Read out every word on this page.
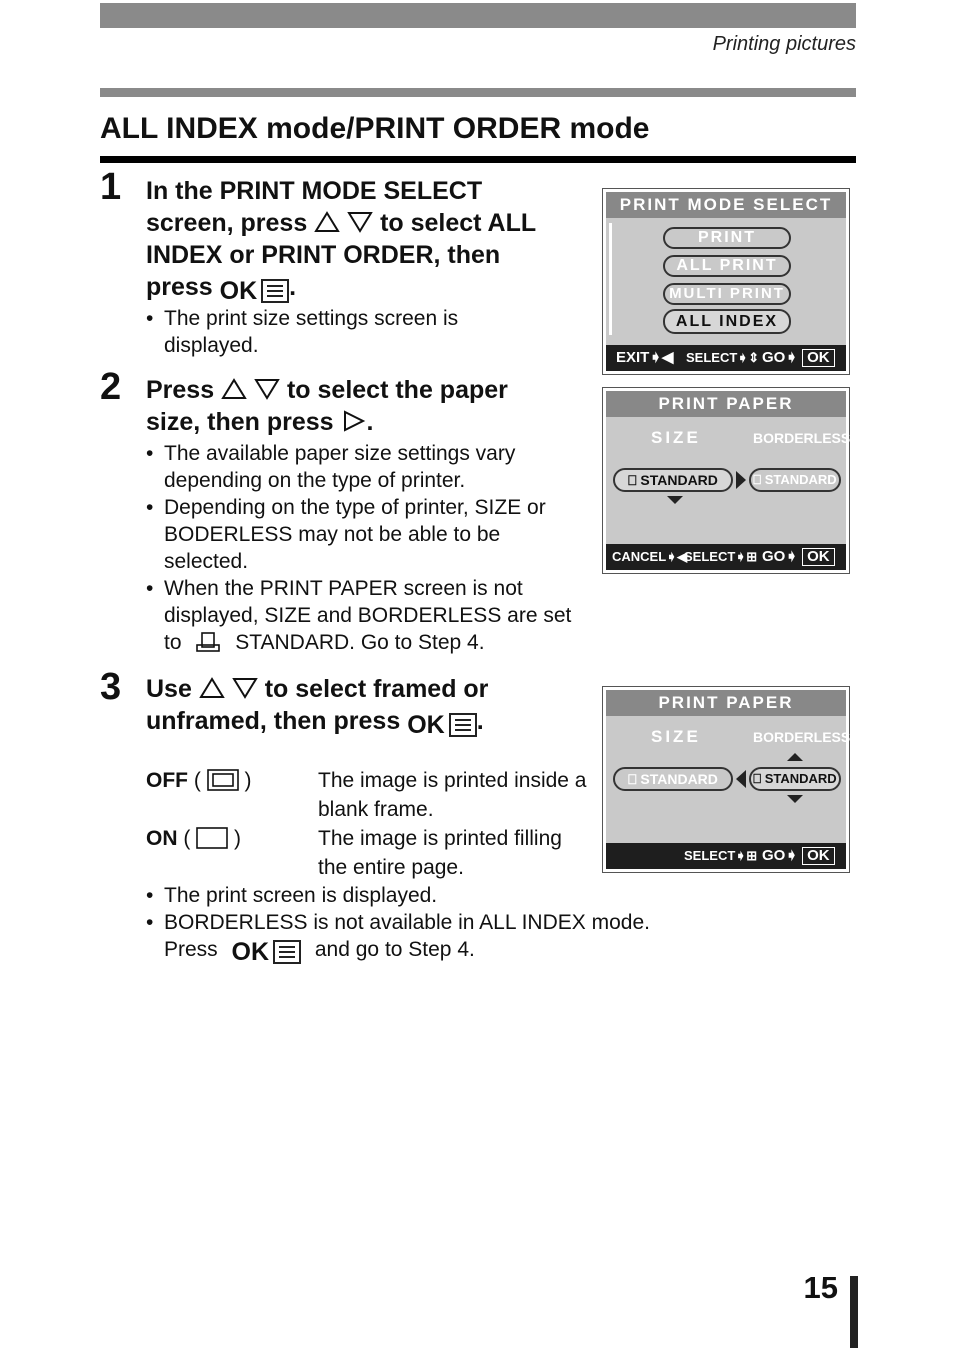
Printing pictures
ALL INDEX mode/PRINT ORDER mode
1 In the PRINT MODE SELECT
screen, press	to select ALL
INDEX or PRINT ORDER, then
press OK .
• The print size settings screen is displayed.
2 Press	to select the paper
size, then press .
• The available paper size settings vary depending on the type of printer.
• Depending on the type of printer, SIZE or BODERLESS may not be able to be selected.
• When the PRINT PAPER screen is not displayed, SIZE and BORDERLESS are set to	STANDARD. Go to Step 4.
3 Use	to select framed or
unframed, then press OK .
OFF (  )	The image is printed inside a blank frame.
ON (  )	The image is printed filling the entire page.
• The print screen is displayed.
• BORDERLESS is not available in ALL INDEX mode.
Press OK and go to Step 4.
PRINT MODE SELECT
PRINT
ALL PRINT
MULTI PRINT
ALL INDEX
EXIT➧◀ SELECT➧⇕ GO➧ OK
PRINT PAPER
SIZE	BORDERLESS
⎕ STANDARD	⎕ STANDARD
CANCEL➧◀
SELECT➧⊞ GO➧ OK
PRINT PAPER
SIZE	BORDERLESS
⎕ STANDARD	⎕ STANDARD
SELECT➧⊞ GO➧ OK
15
